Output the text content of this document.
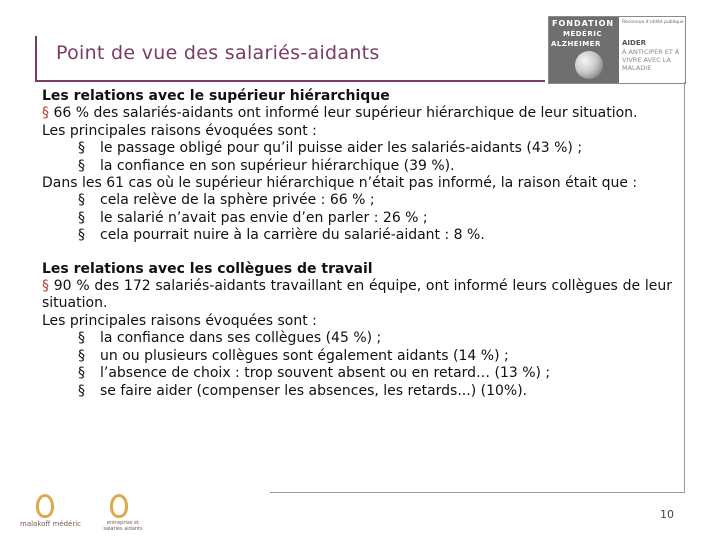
Point de vue des salariés-aidants
FONDATION
MÉDÉRIC
ALZHEIMER
Reconnue d'utilité publique
AIDER
À ANTICIPER ET À VIVRE AVEC LA MALADIE

Les relations avec le supérieur hiérarchique

§ 66 % des salariés-aidants ont informé leur supérieur hiérarchique de leur situation.

Les principales raisons évoquées sont :

§ le passage obligé pour qu’il puisse aider les salariés-aidants (43 %) ;

§ la confiance en son supérieur hiérarchique (39 %).

Dans les 61 cas où le supérieur hiérarchique n’était pas informé, la raison était que :

§ cela relève de la sphère privée : 66 % ;

§ le salarié n’avait pas envie d’en parler : 26 % ;

§ cela pourrait nuire à la carrière du salarié-aidant : 8 %.

Les relations avec les collègues de travail

§ 90 % des 172 salariés-aidants travaillant en équipe, ont informé leurs collègues de leur situation.

Les principales raisons évoquées sont :

§ la confiance dans ses collègues (45 %) ;

§ un ou plusieurs collègues sont également aidants (14 %) ;

§ l’absence de choix : trop souvent absent ou en retard… (13 %) ;

§ se faire aider (compenser les absences, les retards...) (10%).

malakoff médéric	entreprise et salariés aidants
10
